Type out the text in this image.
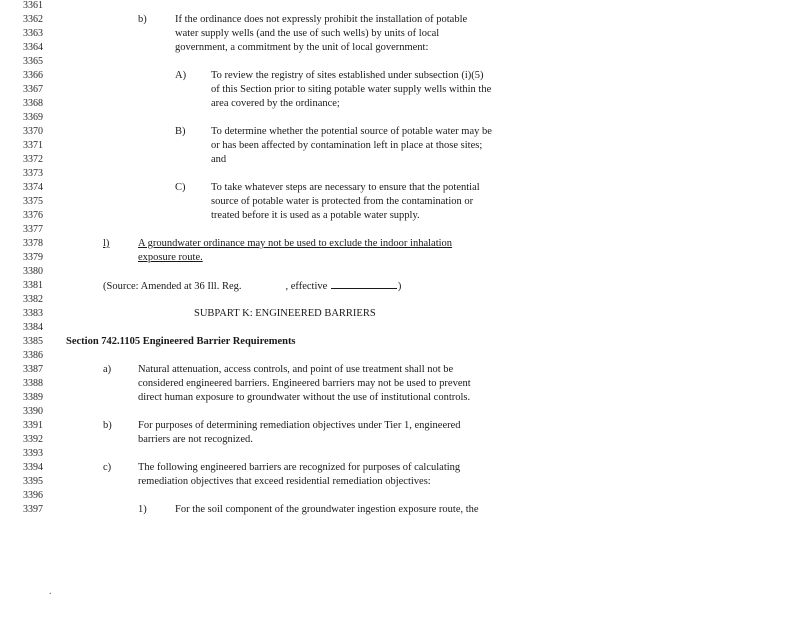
3361
3362
3363
3364
3365
3366
3367
3368
3369
3370
3371
3372
3373
3374
3375
3376
3377
3378
3379
3380
3381
3382
3383
3384
3385
3386
3387
3388
3389
3390
3391
3392
3393
3394
3395
3396
3397
b)	If the ordinance does not expressly prohibit the installation of potable
water supply wells (and the use of such wells) by units of local
government, a commitment by the unit of local government:
A) To review the registry of sites established under subsection (i)(5)
of this Section prior to siting potable water supply wells within the
area covered by the ordinance;
B) To determine whether the potential source of potable water may be
or has been affected by contamination left in place at those sites;
and
C) To take whatever steps are necessary to ensure that the potential
source of potable water is protected from the contamination or
treated before it is used as a potable water supply.
l)	A groundwater ordinance may not be used to exclude the indoor inhalation
exposure route.
(Source: Amended at 36 Ill. Reg.	, effective	)
SUBPART K: ENGINEERED BARRIERS
Section 742.1105 Engineered Barrier Requirements
a)	Natural attenuation, access controls, and point of use treatment shall not be
considered engineered barriers. Engineered barriers may not be used to prevent
direct human exposure to groundwater without the use of institutional controls.
b)	For purposes of determining remediation objectives under Tier 1, engineered
barriers are not recognized.
c)	The following engineered barriers are recognized for purposes of calculating
remediation objectives that exceed residential remediation objectives:
1)	For the soil component of the groundwater ingestion exposure route, the
.
